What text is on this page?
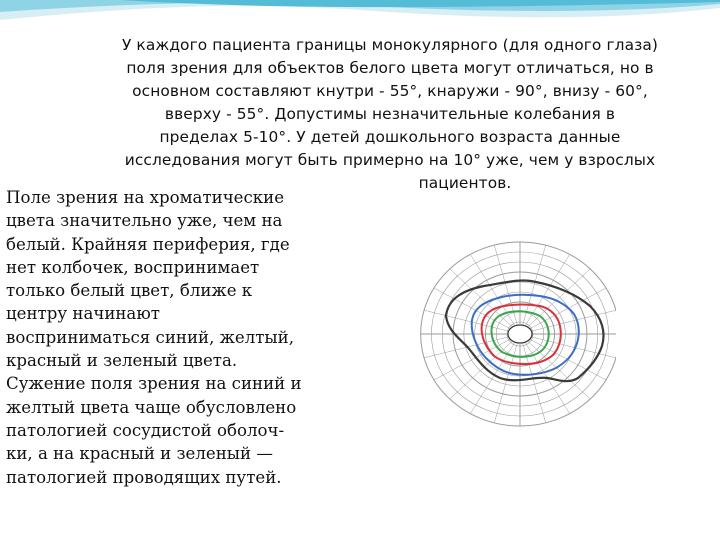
У каждого пациента границы монокулярного (для одного глаза)
поля зрения для объектов белого цвета могут отличаться, но в
основном составляют кнутри - 55°, кнаружи - 90°, внизу - 60°,
вверху - 55°. Допустимы незначительные колебания в
пределах 5-10°. У детей дошкольного возраста данные
исследования могут быть примерно на 10° уже, чем у взрослых
пациентов.
Поле зрения на хроматические
цвета значительно уже, чем на
белый. Крайняя периферия, где
нет колбочек, воспринимает
только белый цвет, ближе к
центру начинают
восприниматься синий, желтый,
красный и зеленый цвета.
Сужение поля зрения на синий и
желтый цвета чаще обусловлено
патологией сосудистой оболоч-
ки, а на красный и зеленый —
патологией проводящих путей.
